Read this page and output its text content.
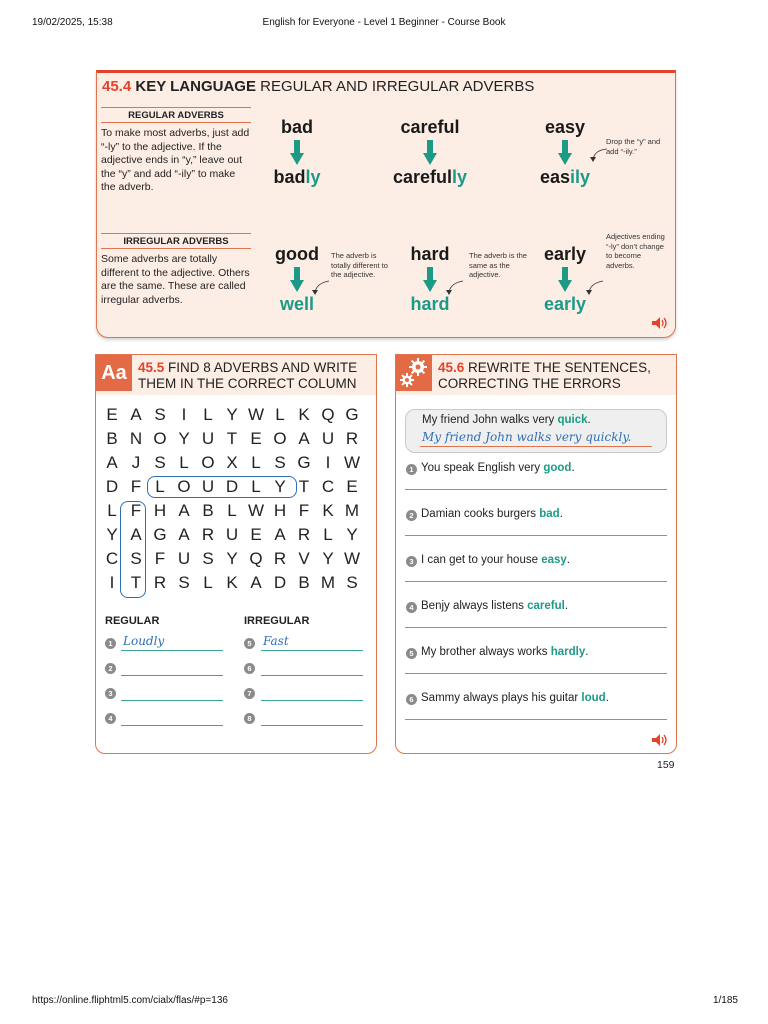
19/02/2025, 15:38	English for Everyone - Level 1 Beginner - Course Book
45.4 KEY LANGUAGE REGULAR AND IRREGULAR ADVERBS
REGULAR ADVERBS
To make most adverbs, just add “-ly” to the adjective. If the adjective ends in “y,” leave out the “y” and add “-ily” to make the adverb.
bad
badly
careful
carefully
easy
easily
Drop the “y” and add “-ily.”
IRREGULAR ADVERBS
Some adverbs are totally different to the adjective. Others are the same. These are called irregular adverbs.
good
well
The adverb is totally different to the adjective.
hard
hard
The adverb is the same as the adjective.
early
early
Adjectives ending “-ly” don’t change to become adverbs.
Aa 45.5 FIND 8 ADVERBS AND WRITE THEM IN THE CORRECT COLUMN
E A S I L Y W L K Q G
B N O Y U T E O A U R
A J S L O X L S G I W
D F L O U D L Y T C E
L F H A B L W H F K M
Y A G A R U E A R L Y
C S F U S Y Q R V Y W
I T R S L K A D B M S
REGULAR	IRREGULAR
1 Loudly	5 Fast
2	6
3	7
4	8
45.6 REWRITE THE SENTENCES, CORRECTING THE ERRORS
My friend John walks very quick.
My friend John walks very quickly.
1 You speak English very good.
2 Damian cooks burgers bad.
3 I can get to your house easy.
4 Benjy always listens careful.
5 My brother always works hardly.
6 Sammy always plays his guitar loud.
159
https://online.fliphtml5.com/cialx/flas/#p=136	1/185
